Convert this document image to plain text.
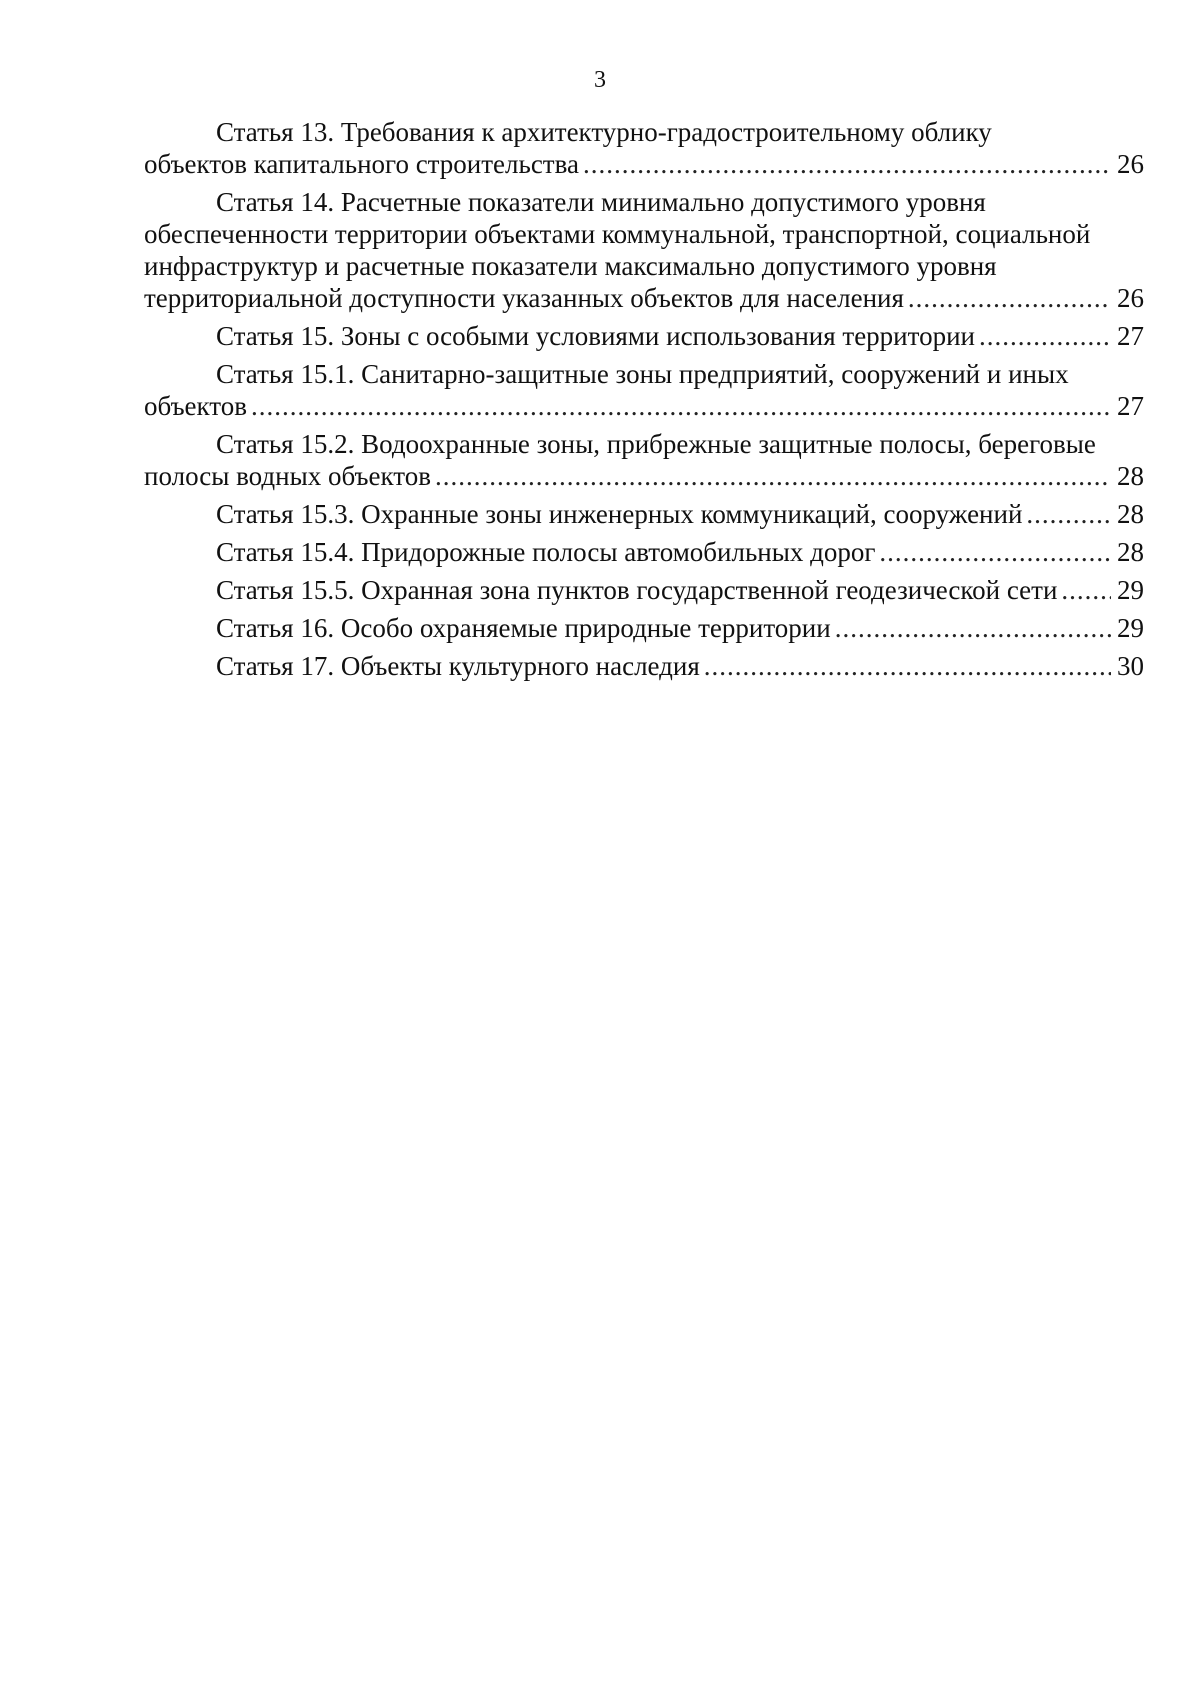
3
Статья 13. Требования к архитектурно-градостроительному облику
объектов капитального строительства .....	26
Статья 14. Расчетные показатели минимально допустимого уровня
обеспеченности территории объектами коммунальной, транспортной, социальной
инфраструктур и расчетные показатели максимально допустимого уровня
территориальной доступности указанных объектов для населения .....	26
Статья 15. Зоны с особыми условиями использования территории .....	27
Статья 15.1. Санитарно-защитные зоны предприятий, сооружений и иных
объектов .....	27
Статья 15.2. Водоохранные зоны, прибрежные защитные полосы, береговые
полосы водных объектов .....	28
Статья 15.3. Охранные зоны инженерных коммуникаций, сооружений .....	28
Статья 15.4. Придорожные полосы автомобильных дорог .....	28
Статья 15.5. Охранная зона пунктов государственной геодезической сети ..... 29
Статья 16. Особо охраняемые природные территории .....	29
Статья 17. Объекты культурного наследия .....	30
